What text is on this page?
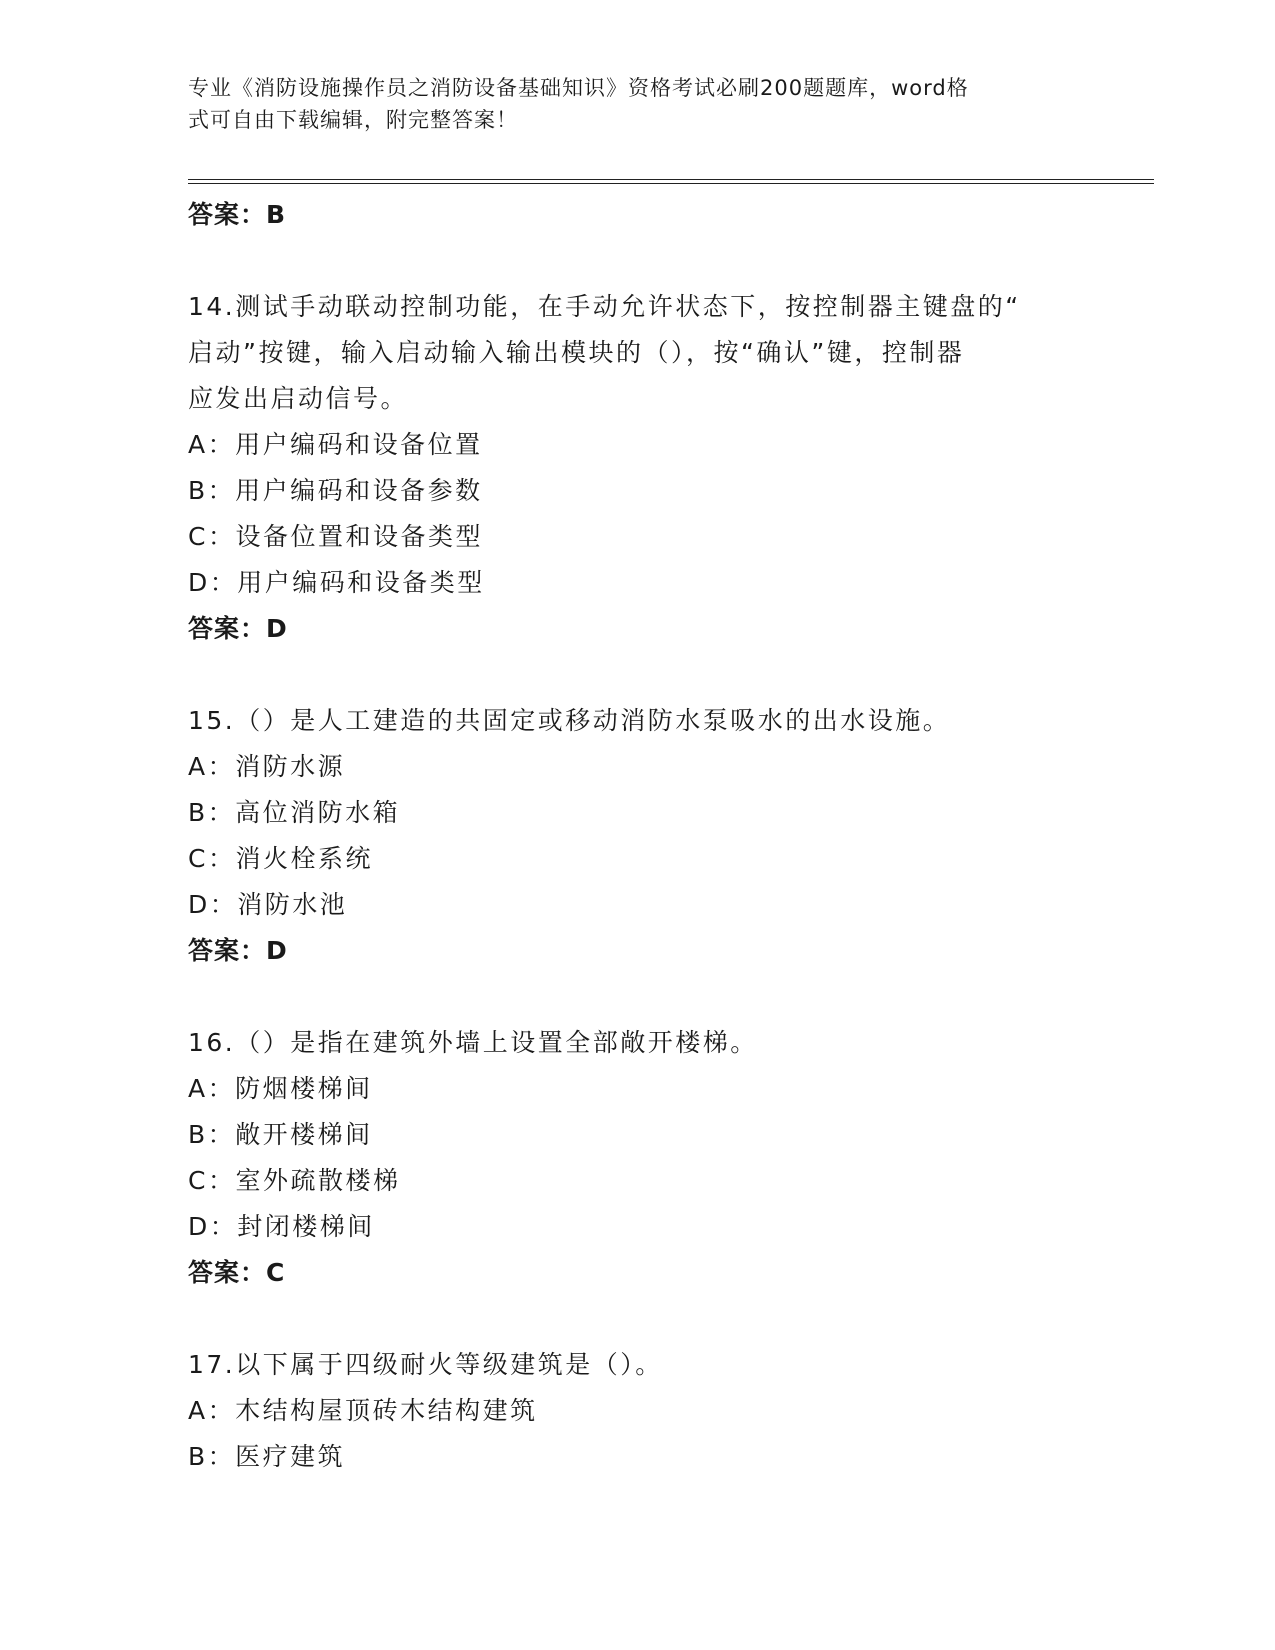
专业《消防设施操作员之消防设备基础知识》资格考试必刷200题题库，word格
式可自由下载编辑，附完整答案！
答案：B
14.测试手动联动控制功能，在手动允许状态下，按控制器主键盘的“
启动”按键，输入启动输入输出模块的（），按“确认”键，控制器
应发出启动信号。
A：用户编码和设备位置
B：用户编码和设备参数
C：设备位置和设备类型
D：用户编码和设备类型
答案：D
15.（）是人工建造的共固定或移动消防水泵吸水的出水设施。
A：消防水源
B：高位消防水箱
C：消火栓系统
D：消防水池
答案：D
16.（）是指在建筑外墙上设置全部敞开楼梯。
A：防烟楼梯间
B：敞开楼梯间
C：室外疏散楼梯
D：封闭楼梯间
答案：C
17.以下属于四级耐火等级建筑是（）。
A：木结构屋顶砖木结构建筑
B：医疗建筑
